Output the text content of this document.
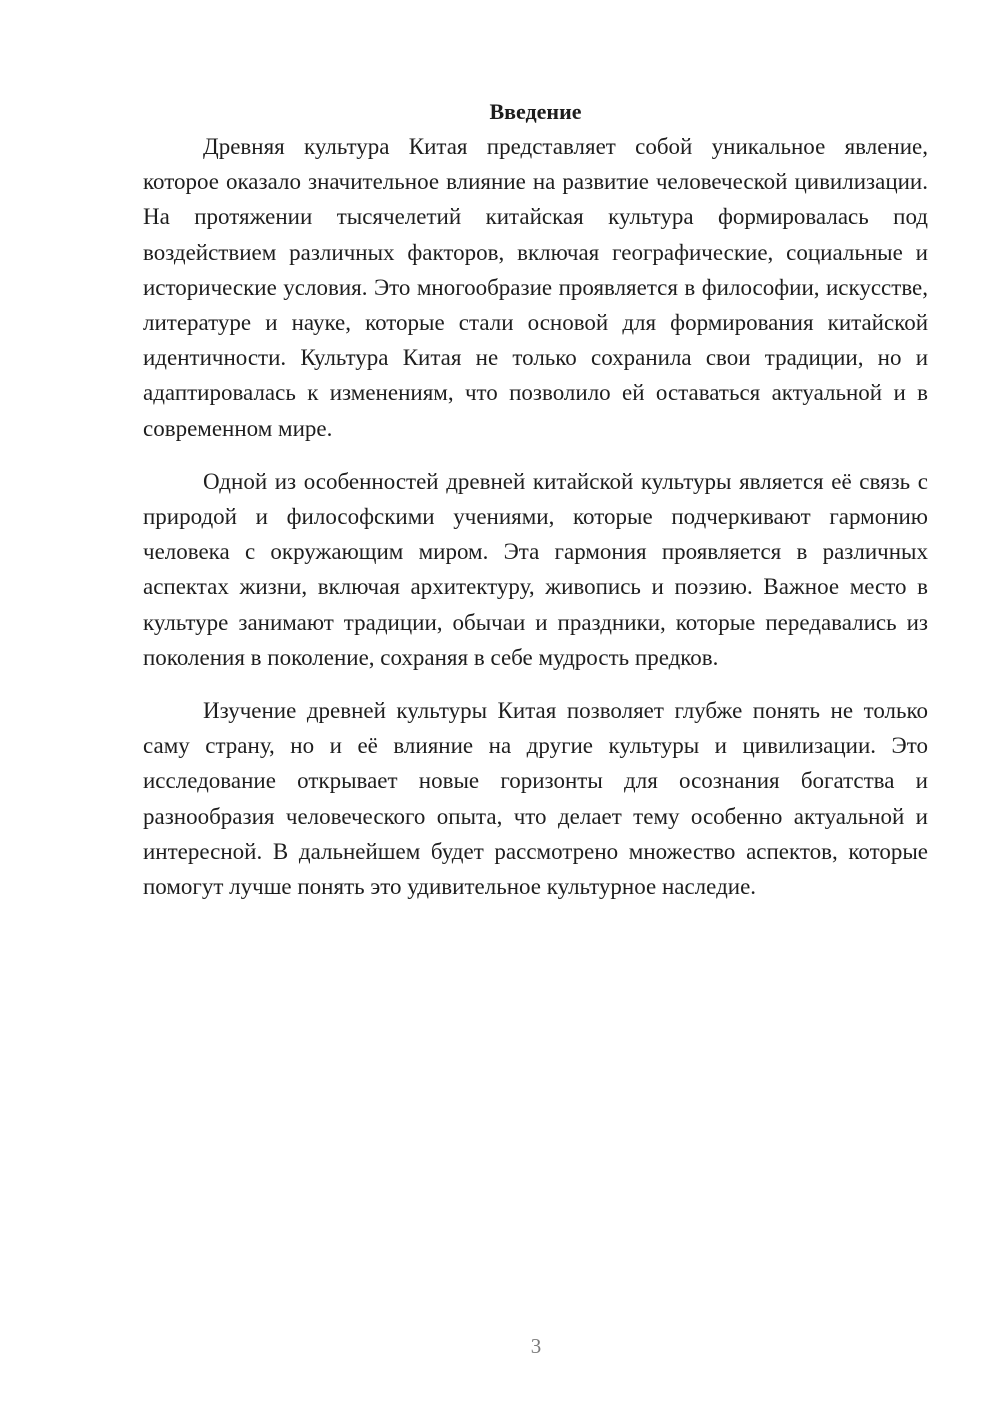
Введение

Древняя культура Китая представляет собой уникальное явление, которое оказало значительное влияние на развитие человеческой цивилизации. На протяжении тысячелетий китайская культура формировалась под воздействием различных факторов, включая географические, социальные и исторические условия. Это многообразие проявляется в философии, искусстве, литературе и науке, которые стали основой для формирования китайской идентичности. Культура Китая не только сохранила свои традиции, но и адаптировалась к изменениям, что позволило ей оставаться актуальной и в современном мире.

Одной из особенностей древней китайской культуры является её связь с природой и философскими учениями, которые подчеркивают гармонию человека с окружающим миром. Эта гармония проявляется в различных аспектах жизни, включая архитектуру, живопись и поэзию. Важное место в культуре занимают традиции, обычаи и праздники, которые передавались из поколения в поколение, сохраняя в себе мудрость предков.

Изучение древней культуры Китая позволяет глубже понять не только саму страну, но и её влияние на другие культуры и цивилизации. Это исследование открывает новые горизонты для осознания богатства и разнообразия человеческого опыта, что делает тему особенно актуальной и интересной. В дальнейшем будет рассмотрено множество аспектов, которые помогут лучше понять это удивительное культурное наследие.

3
